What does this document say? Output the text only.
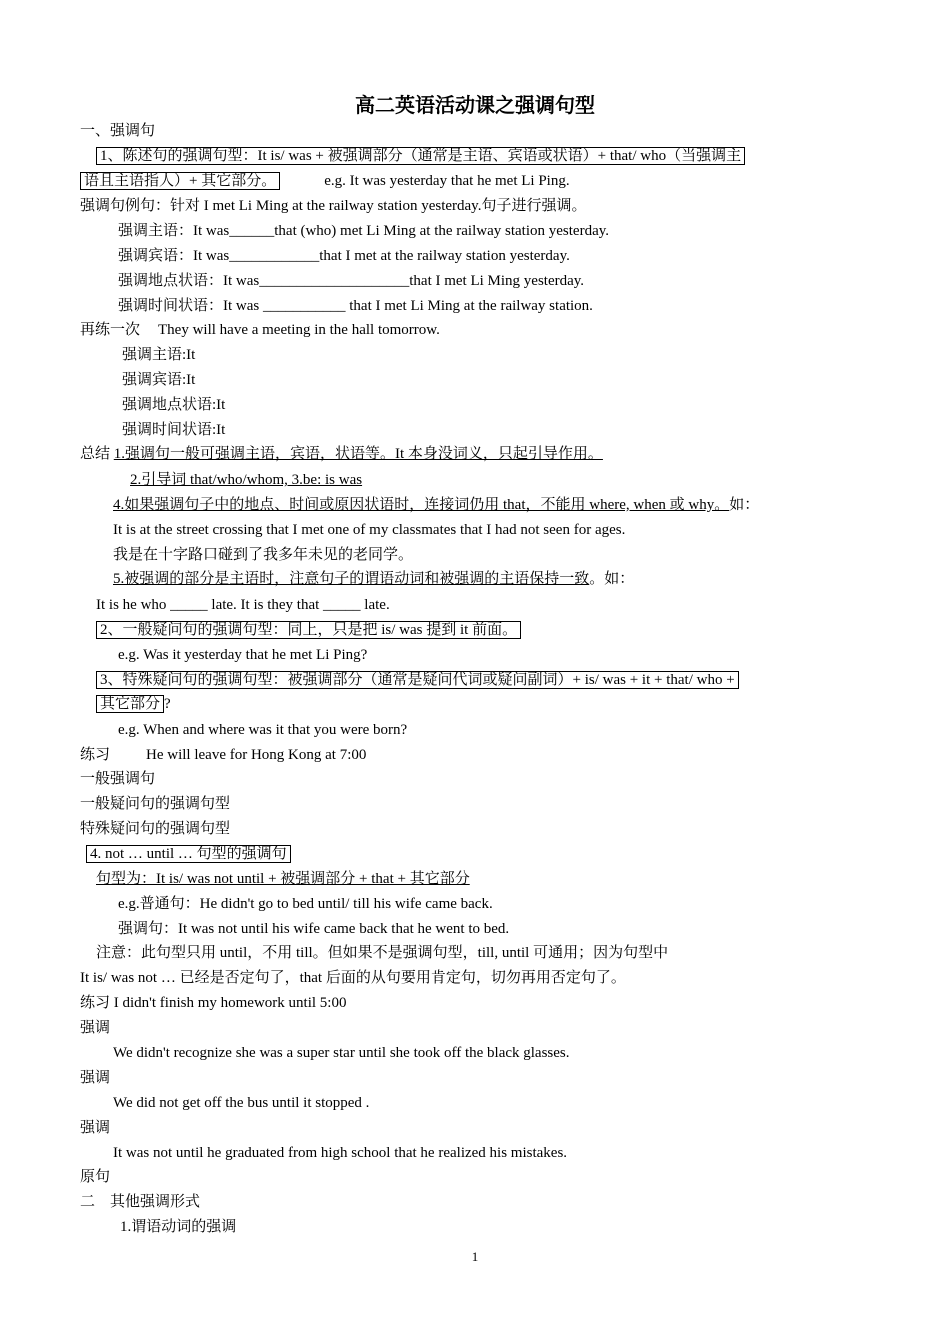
高二英语活动课之强调句型
一、强调句
1、陈述句的强调句型：It is/ was + 被强调部分（通常是主语、宾语或状语）+ that/ who（当强调主
语且主语指人）+ 其它部分。	e.g. It was yesterday that he met Li Ping.
强调句例句：针对 I met Li Ming at the railway station yesterday.句子进行强调。
强调主语：It was______that (who) met Li Ming at the railway station yesterday.
强调宾语：It was____________that I met at the railway station yesterday.
强调地点状语：It was____________________that I met Li Ming yesterday.
强调时间状语：It was ___________ that I met Li Ming at the railway station.
再练一次 They will have a meeting in the hall tomorrow.
强调主语:It
强调宾语:It
强调地点状语:It
强调时间状语:It
总结 1.强调句一般可强调主语，宾语，状语等。It 本身没词义，只起引导作用。
2.引导词 that/who/whom, 3.be: is was
4.如果强调句子中的地点、时间或原因状语时，连接词仍用 that，不能用 where, when 或 why。如：
It is at the street crossing that I met one of my classmates that I had not seen for ages.
我是在十字路口碰到了我多年未见的老同学。
5.被强调的部分是主语时，注意句子的谓语动词和被强调的主语保持一致。如：
It is he who _____ late. It is they that _____ late.
2、一般疑问句的强调句型：同上，只是把 is/ was 提到 it 前面。
e.g. Was it yesterday that he met Li Ping?
3、特殊疑问句的强调句型：被强调部分（通常是疑问代词或疑问副词）+ is/ was + it + that/ who +
其它部分 ?
e.g. When and where was it that you were born?
练习 He will leave for Hong Kong at 7:00
一般强调句
一般疑问句的强调句型
特殊疑问句的强调句型
4. not … until … 句型的强调句
句型为：It is/ was not until + 被强调部分 + that + 其它部分
e.g.普通句：He didn't go to bed until/ till his wife came back.
强调句：It was not until his wife came back that he went to bed.
注意：此句型只用 until，不用 till。但如果不是强调句型，till, until 可通用；因为句型中
It is/ was not … 已经是否定句了，that 后面的从句要用肯定句，切勿再用否定句了。
练习 I didn't finish my homework until 5:00
强调
We didn't recognize she was a super star until she took off the black glasses.
强调
We did not get off the bus until it stopped .
强调
It was not until he graduated from high school that he realized his mistakes.
原句
二　其他强调形式
1.谓语动词的强调
1
